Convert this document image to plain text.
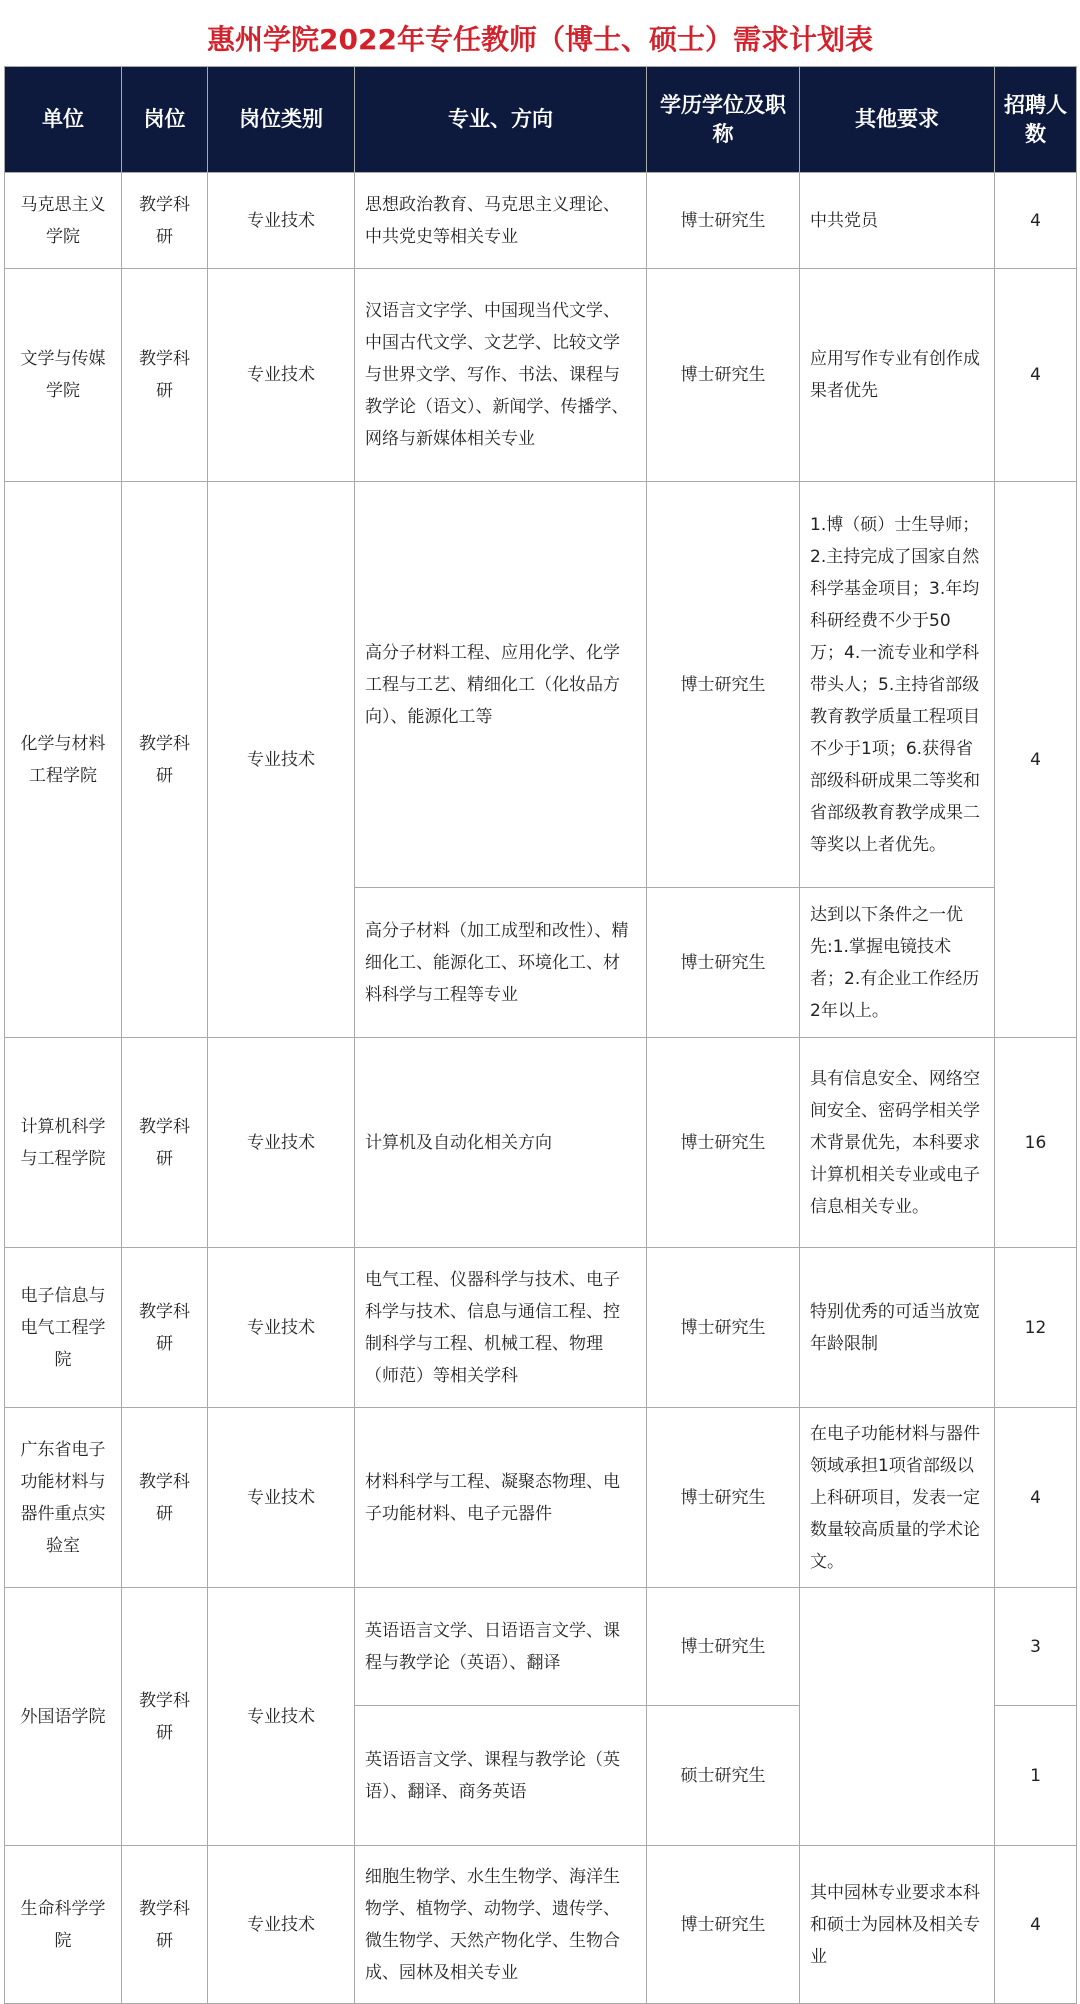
惠州学院2022年专任教师（博士、硕士）需求计划表
单位	岗位	岗位类别	专业、方向	学历学位及职称	其他要求	招聘人数
马克思主义学院	教学科研	专业技术	思想政治教育、马克思主义理论、中共党史等相关专业	博士研究生	中共党员	4
文学与传媒学院	教学科研	专业技术	汉语言文字学、中国现当代文学、中国古代文学、文艺学、比较文学与世界文学、写作、书法、课程与教学论（语文）、新闻学、传播学、网络与新媒体相关专业	博士研究生	应用写作专业有创作成果者优先	4
化学与材料工程学院	教学科研	专业技术	高分子材料工程、应用化学、化学工程与工艺、精细化工（化妆品方向）、能源化工等	博士研究生	1.博（硕）士生导师；2.主持完成了国家自然科学基金项目；3.年均科研经费不少于50万；4.一流专业和学科带头人；5.主持省部级教育教学质量工程项目不少于1项；6.获得省部级科研成果二等奖和省部级教育教学成果二等奖以上者优先。	4
			高分子材料（加工成型和改性）、精细化工、能源化工、环境化工、材料科学与工程等专业	博士研究生	达到以下条件之一优先:1.掌握电镜技术者；2.有企业工作经历2年以上。	
计算机科学与工程学院	教学科研	专业技术	计算机及自动化相关方向	博士研究生	具有信息安全、网络空间安全、密码学相关学术背景优先，本科要求计算机相关专业或电子信息相关专业。	16
电子信息与电气工程学院	教学科研	专业技术	电气工程、仪器科学与技术、电子科学与技术、信息与通信工程、控制科学与工程、机械工程、物理（师范）等相关学科	博士研究生	特别优秀的可适当放宽年龄限制	12
广东省电子功能材料与器件重点实验室	教学科研	专业技术	材料科学与工程、凝聚态物理、电子功能材料、电子元器件	博士研究生	在电子功能材料与器件领域承担1项省部级以上科研项目，发表一定数量较高质量的学术论文。	4
外国语学院	教学科研	专业技术	英语语言文学、日语语言文学、课程与教学论（英语）、翻译	博士研究生		3
			英语语言文学、课程与教学论（英语）、翻译、商务英语	硕士研究生		1
生命科学学院	教学科研	专业技术	细胞生物学、水生生物学、海洋生物学、植物学、动物学、遗传学、微生物学、天然产物化学、生物合成、园林及相关专业	博士研究生	其中园林专业要求本科和硕士为园林及相关专业	4
